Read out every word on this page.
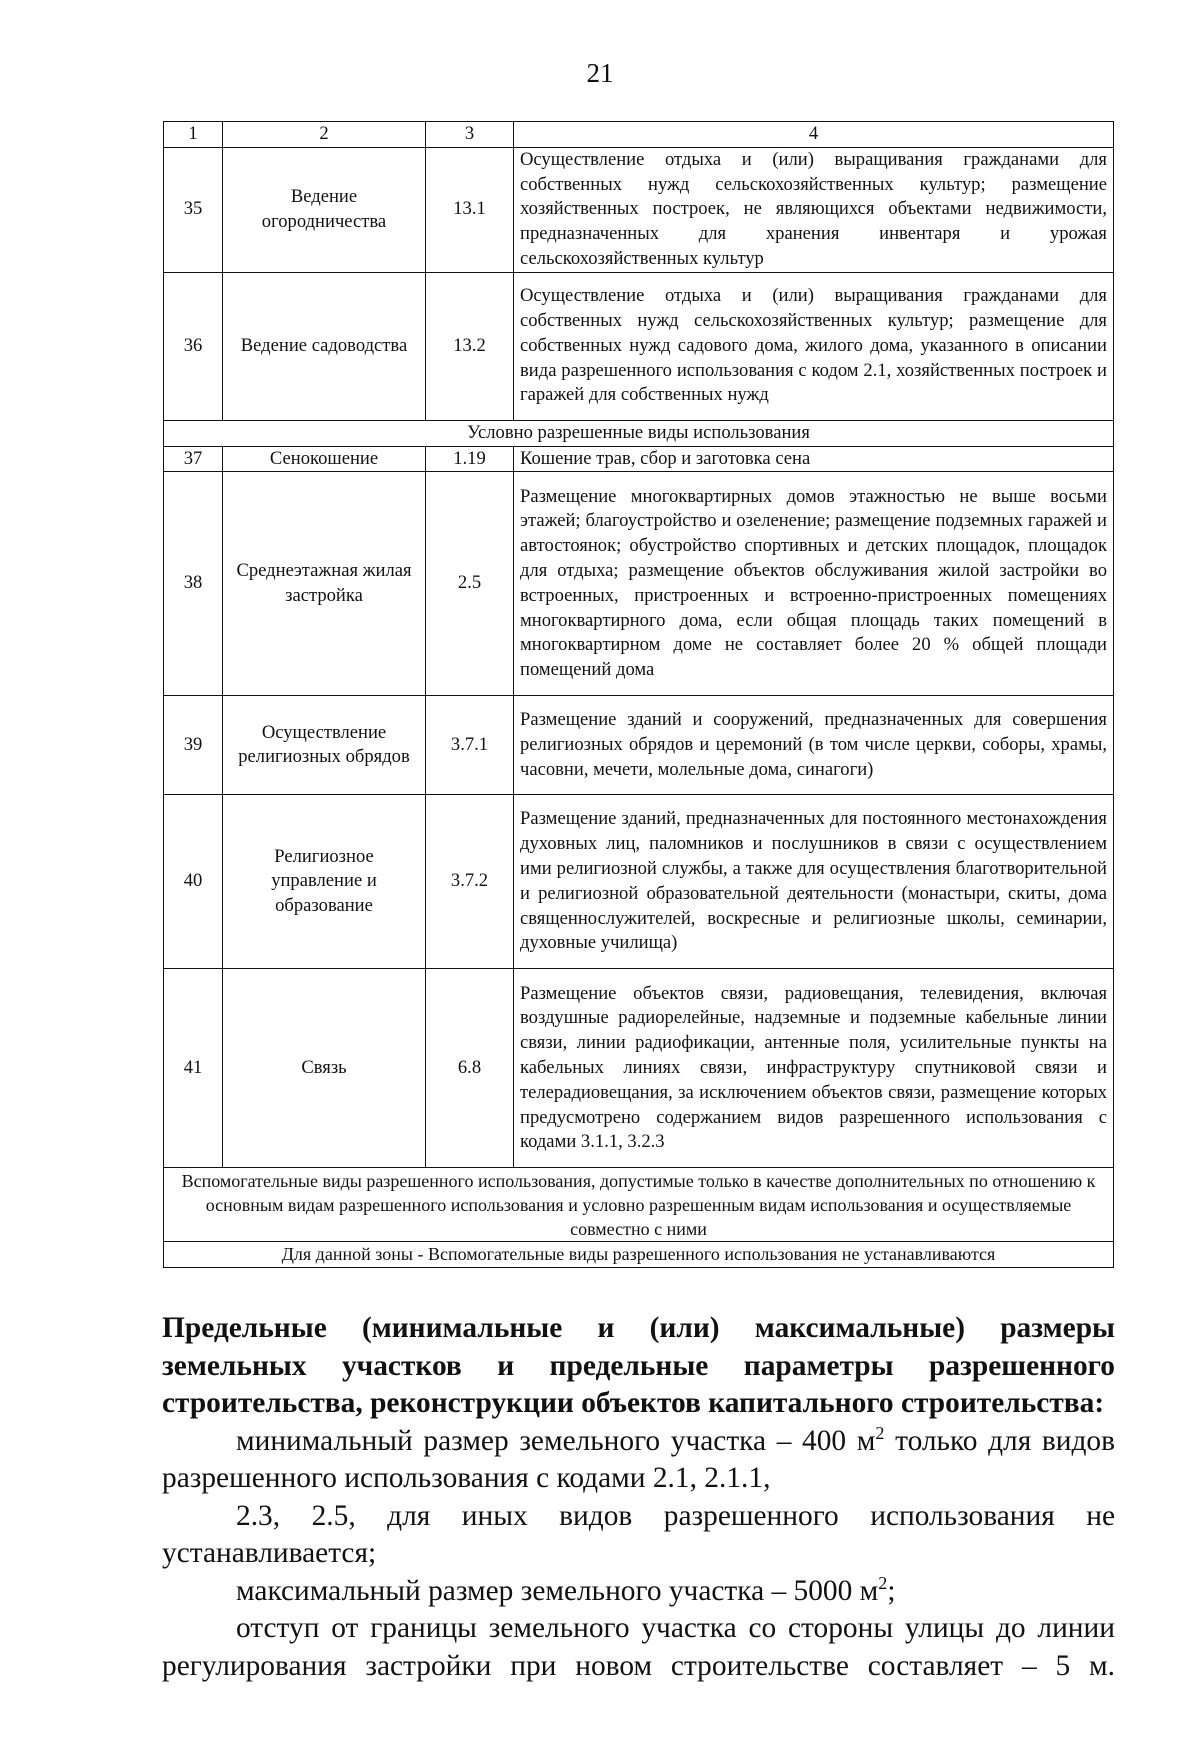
21
1	2	3	4
35	Ведение огородничества	13.1	Осуществление отдыха и (или) выращивания гражданами для собственных нужд сельскохозяйственных культур; размещение хозяйственных построек, не являющихся объектами недвижимости, предназначенных для хранения инвентаря и урожая сельскохозяйственных культур
36	Ведение садоводства	13.2	Осуществление отдыха и (или) выращивания гражданами для собственных нужд сельскохозяйственных культур; размещение для собственных нужд садового дома, жилого дома, указанного в описании вида разрешенного использования с кодом 2.1, хозяйственных построек и гаражей для собственных нужд
Условно разрешенные виды использования			
37	Сенокошение	1.19	Кошение трав, сбор и заготовка сена
38	Среднеэтажная жилая застройка	2.5	Размещение многоквартирных домов этажностью не выше восьми этажей; благоустройство и озеленение; размещение подземных гаражей и автостоянок; обустройство спортивных и детских площадок, площадок для отдыха; размещение объектов обслуживания жилой застройки во встроенных, пристроенных и встроенно-пристроенных помещениях многоквартирного дома, если общая площадь таких помещений в многоквартирном доме не составляет более 20 % общей площади помещений дома
39	Осуществление религиозных обрядов	3.7.1	Размещение зданий и сооружений, предназначенных для совершения религиозных обрядов и церемоний (в том числе церкви, соборы, храмы, часовни, мечети, молельные дома, синагоги)
40	Религиозное управление и образование	3.7.2	Размещение зданий, предназначенных для постоянного местонахождения духовных лиц, паломников и послушников в связи с осуществлением ими религиозной службы, а также для осуществления благотворительной и религиозной образовательной деятельности (монастыри, скиты, дома священнослужителей, воскресные и религиозные школы, семинарии, духовные училища)
41	Связь	6.8	Размещение объектов связи, радиовещания, телевидения, включая воздушные радиорелейные, надземные и подземные кабельные линии связи, линии радиофикации, антенные поля, усилительные пункты на кабельных линиях связи, инфраструктуру спутниковой связи и телерадиовещания, за исключением объектов связи, размещение которых предусмотрено содержанием видов разрешенного использования с кодами 3.1.1, 3.2.3
Вспомогательные виды разрешенного использования, допустимые только в качестве дополнительных по отношению к основным видам разрешенного использования и условно разрешенным видам использования и осуществляемые совместно с ними			
Для данной зоны - Вспомогательные виды разрешенного использования не устанавливаются			

Предельные (минимальные и (или) максимальные) размеры земельных участков и предельные параметры разрешенного строительства, реконструкции объектов капитального строительства:

минимальный размер земельного участка – 400 $м^2$ только для видов разрешенного использования с кодами 2.1, 2.1.1,

2.3, 2.5, для иных видов разрешенного использования не устанавливается;

максимальный размер земельного участка – 5000 $м^2$;

отступ от границы земельного участка со стороны улицы до линии регулирования застройки при новом строительстве составляет – 5 м.
